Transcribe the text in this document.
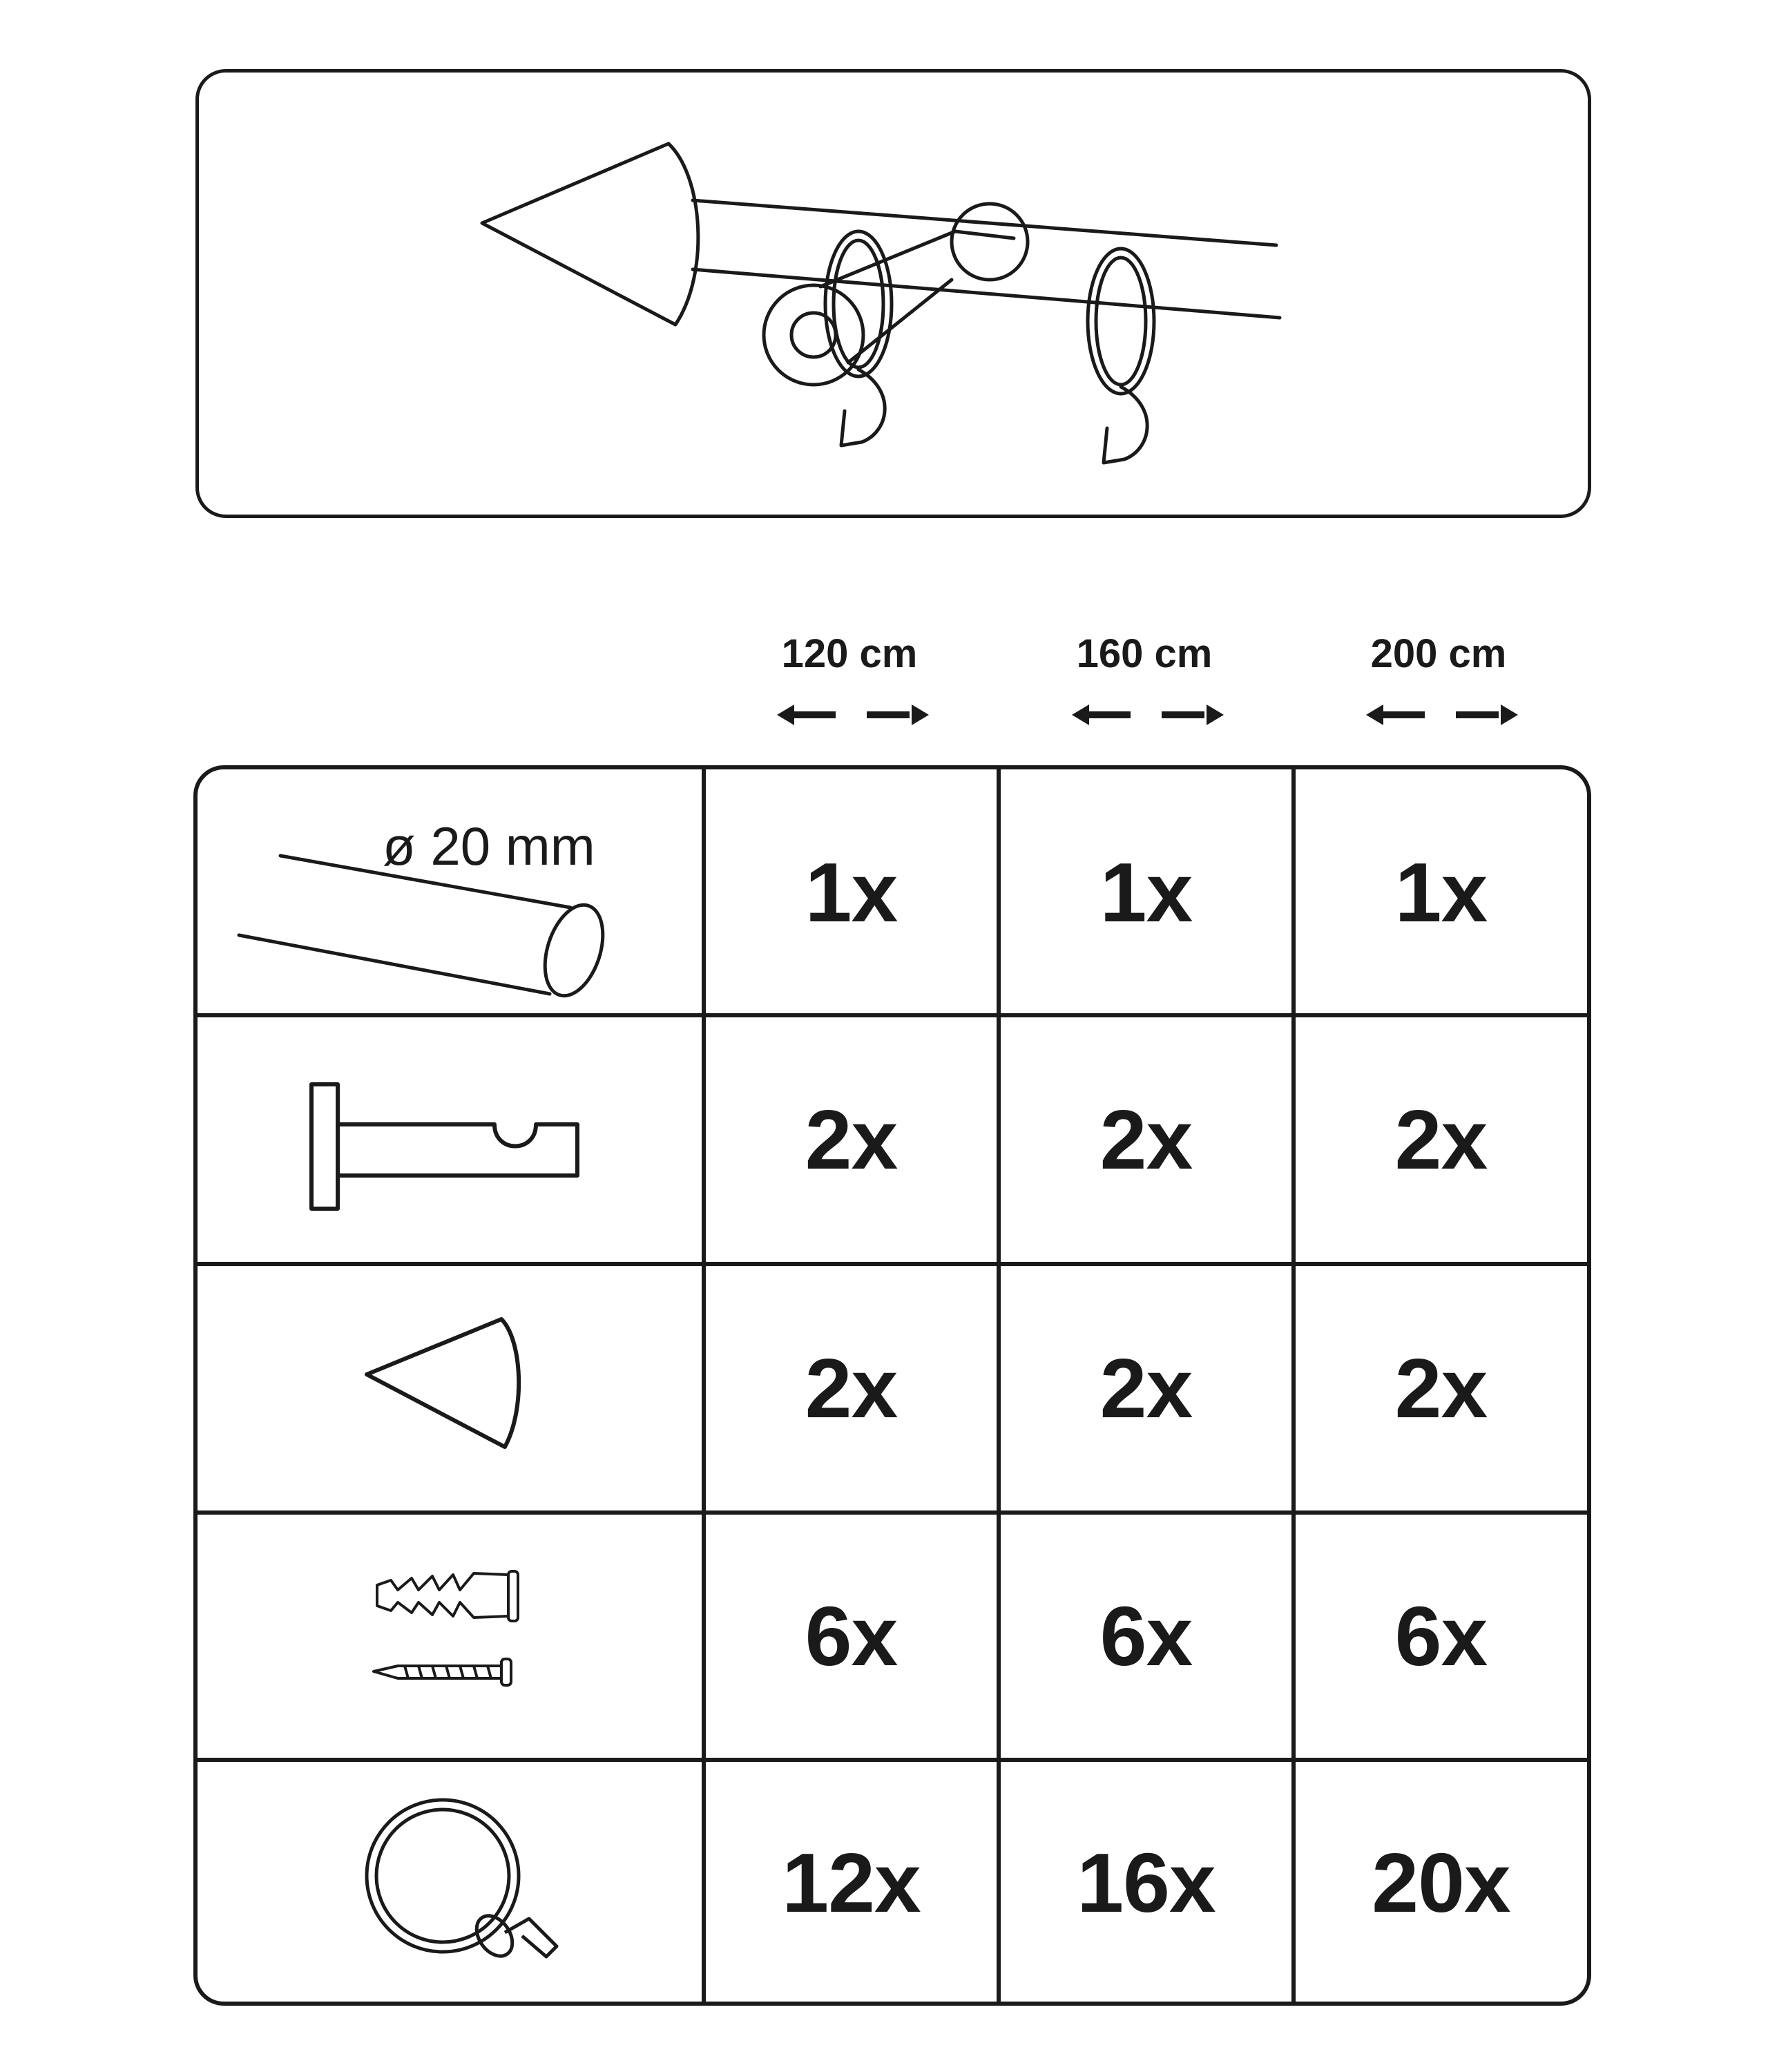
120 cm	160 cm	200 cm
ø 20 mm 1x 1x 1x
2x 2x 2x
2x 2x 2x
6x 6x 6x
12x 16x 20x
